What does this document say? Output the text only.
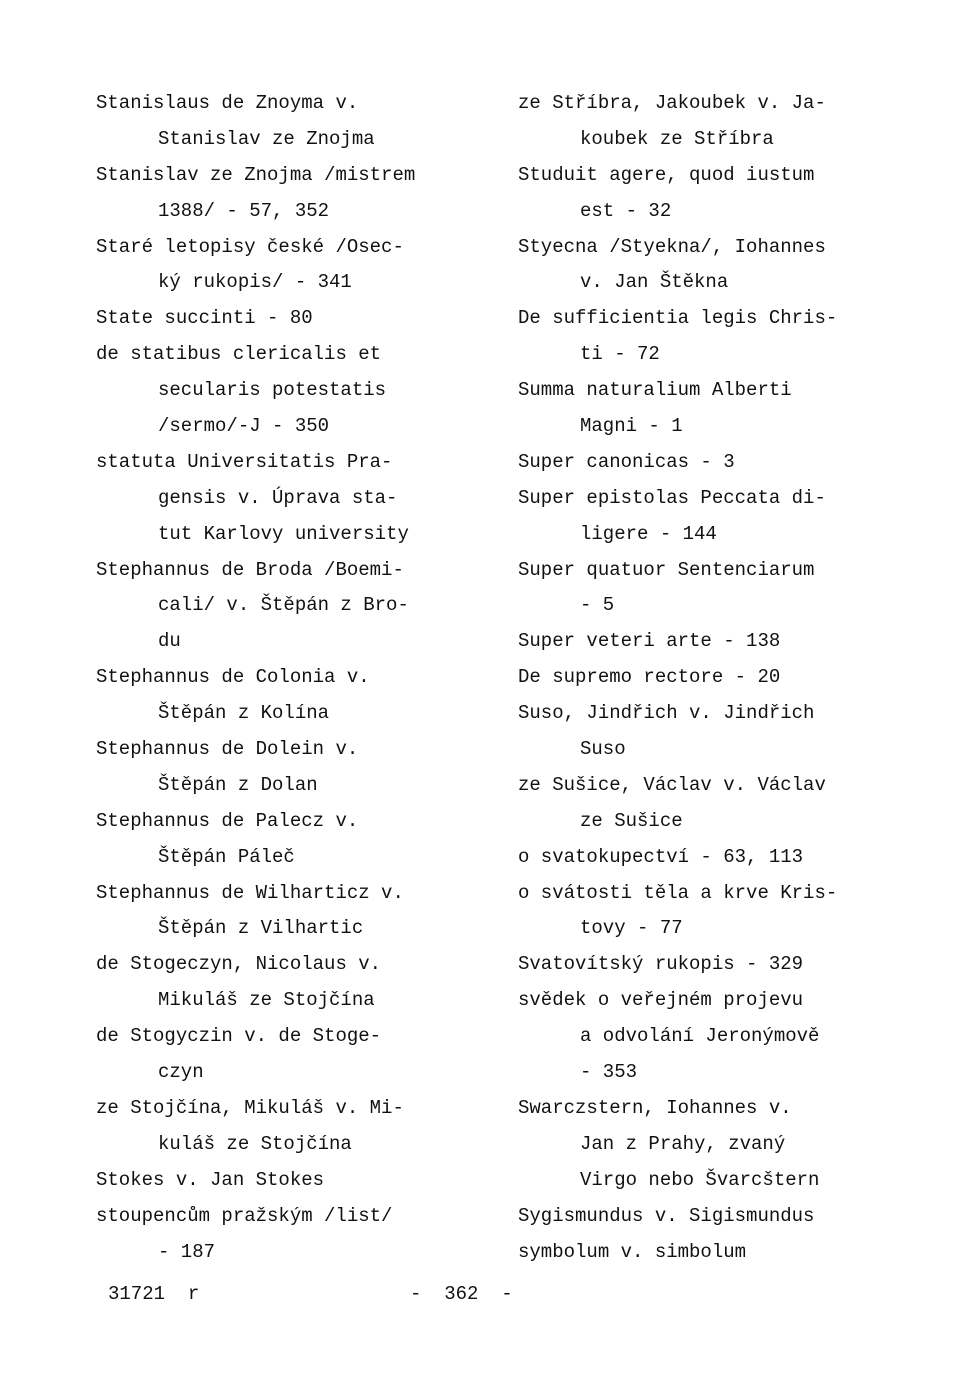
Stanislaus de Znoyma v.
Stanislav ze Znojma
Stanislav ze Znojma /mistrem
1388/ - 57, 352
Staré letopisy české /Osec-
ký rukopis/ - 341
State succinti - 80
de statibus clericalis et
secularis potestatis
/sermo/-J - 350
statuta Universitatis Pra-
gensis v. Úprava sta-
tut Karlovy university
Stephannus de Broda /Boemi-
cali/ v. Štěpán z Bro-
du
Stephannus de Colonia v.
Štěpán z Kolína
Stephannus de Dolein v.
Štěpán z Dolan
Stephannus de Palecz v.
Štěpán Páleč
Stephannus de Wilharticz v.
Štěpán z Vilhartic
de Stogeczyn, Nicolaus v.
Mikuláš ze Stojčína
de Stogyczin v. de Stoge-
czyn
ze Stojčína, Mikuláš v. Mi-
kuláš ze Stojčína
Stokes v. Jan Stokes
stoupencům pražským /list/
- 187
ze Stříbra, Jakoubek v. Ja-
koubek ze Stříbra
Studuit agere, quod iustum
est - 32
Styecna /Styekna/, Iohannes
v. Jan Štěkna
De sufficientia legis Chris-
ti - 72
Summa naturalium Alberti
Magni - 1
Super canonicas - 3
Super epistolas Peccata di-
ligere - 144
Super quatuor Sentenciarum
- 5
Super veteri arte - 138
De supremo rectore - 20
Suso, Jindřich v. Jindřich
Suso
ze Sušice, Václav v. Václav
ze Sušice
o svatokupectví - 63, 113
o svátosti těla a krve Kris-
tovy - 77
Svatovítský rukopis - 329
svědek o veřejném projevu
a odvolání Jeronýmově
- 353
Swarczstern, Iohannes v.
Jan z Prahy, zvaný
Virgo nebo Švarcštern
Sygismundus v. Sigismundus
symbolum v. simbolum
31721  r	-  362  -
